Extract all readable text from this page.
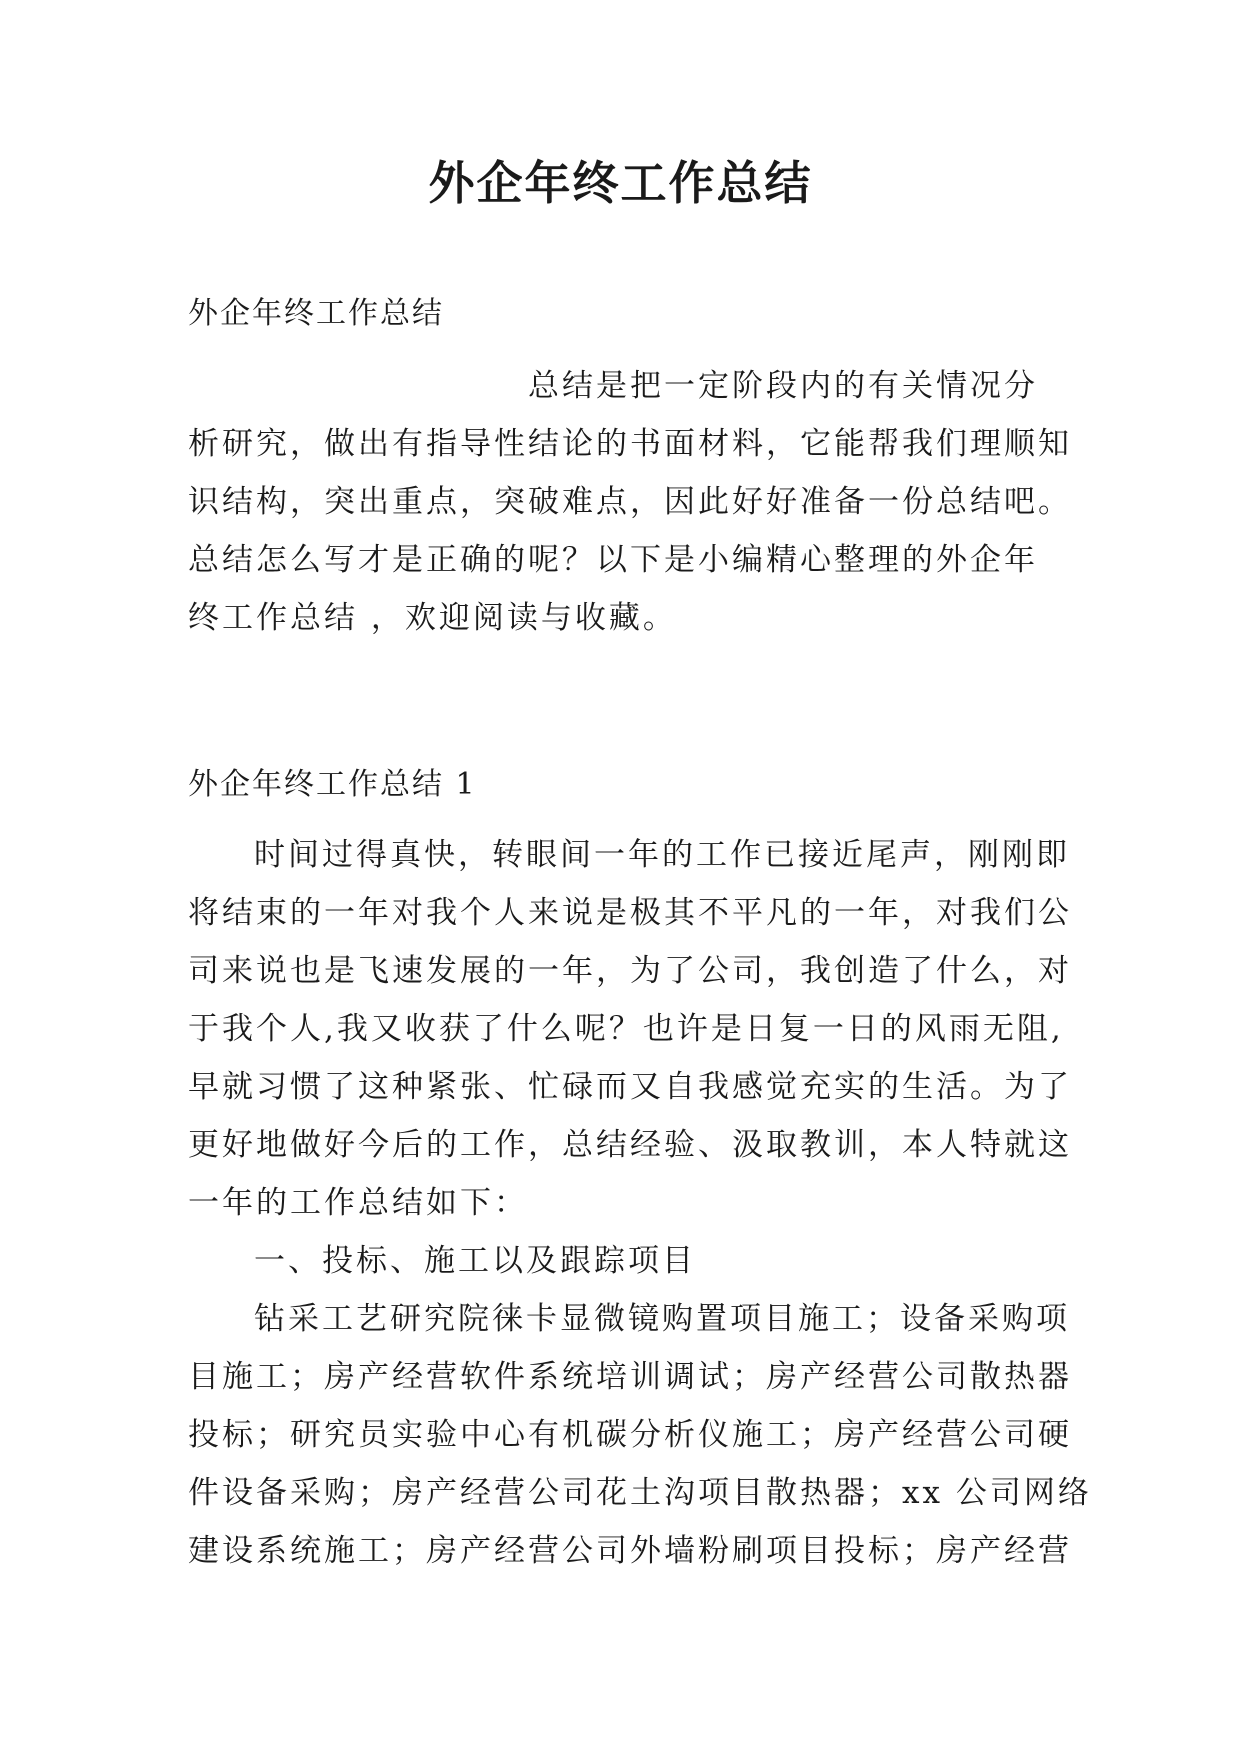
外企年终工作总结

外企年终工作总结

总结是把一定阶段内的有关情况分
析研究，做出有指导性结论的书面材料，它能帮我们理顺知
识结构，突出重点，突破难点，因此好好准备一份总结吧。
总结怎么写才是正确的呢？以下是小编精心整理的外企年
终工作总结 ，欢迎阅读与收藏。

外企年终工作总结 1

时间过得真快，转眼间一年的工作已接近尾声，刚刚即
将结束的一年对我个人来说是极其不平凡的一年，对我们公
司来说也是飞速发展的一年，为了公司，我创造了什么，对
于我个人,我又收获了什么呢？也许是日复一日的风雨无阻,
早就习惯了这种紧张、忙碌而又自我感觉充实的生活。为了
更好地做好今后的工作，总结经验、汲取教训，本人特就这
一年的工作总结如下：
一、投标、施工以及跟踪项目
钻采工艺研究院徕卡显微镜购置项目施工；设备采购项
目施工；房产经营软件系统培训调试；房产经营公司散热器
投标；研究员实验中心有机碳分析仪施工；房产经营公司硬
件设备采购；房产经营公司花土沟项目散热器；xx 公司网络
建设系统施工；房产经营公司外墙粉刷项目投标；房产经营
